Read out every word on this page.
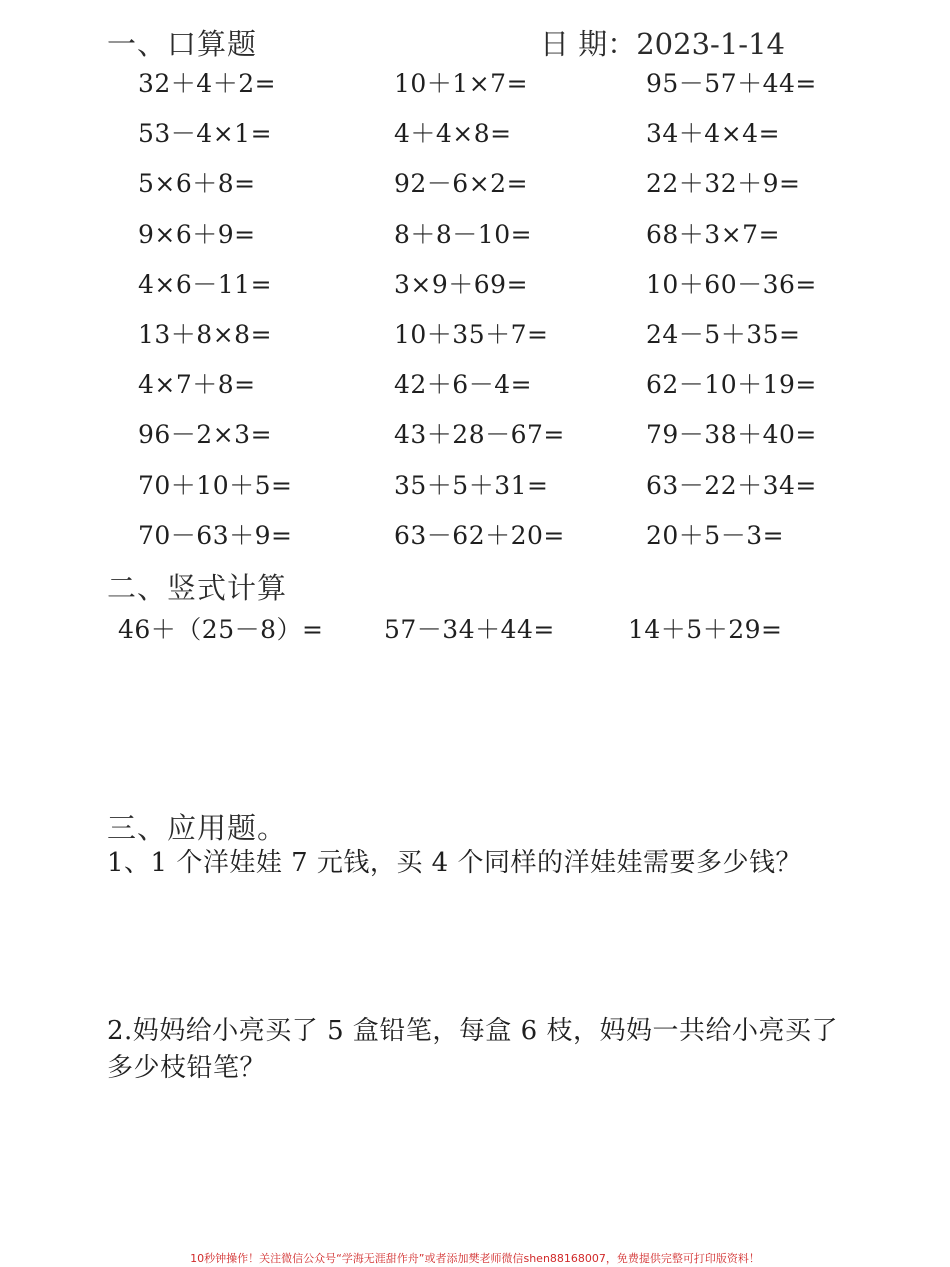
一、口算题	日 期：2023-1-14
32＋4＋2=
53－4×1=
5×6＋8=
9×6＋9=
4×6－11=
13＋8×8=
4×7＋8=
96－2×3=
70＋10＋5=
70－63＋9=
10＋1×7=
4＋4×8=
92－6×2=
8＋8－10=
3×9＋69=
10＋35＋7=
42＋6－4=
43＋28－67=
35＋5＋31=
63－62＋20=
95－57＋44=
34＋4×4=
22＋32＋9=
68＋3×7=
10＋60－36=
24－5＋35=
62－10＋19=
79－38＋40=
63－22＋34=
20＋5－3=
二、竖式计算
46＋（25－8）= 57－34＋44=	14＋5＋29=
三、应用题。
1、1 个洋娃娃 7 元钱，买 4 个同样的洋娃娃需要多少钱？
2.妈妈给小亮买了 5 盒铅笔，每盒 6 枝，妈妈一共给小亮买了
多少枝铅笔？
10秒钟操作！关注微信公众号“学海无涯甜作舟”或者添加樊老师微信shen88168007，免费提供完整可打印版资料！
